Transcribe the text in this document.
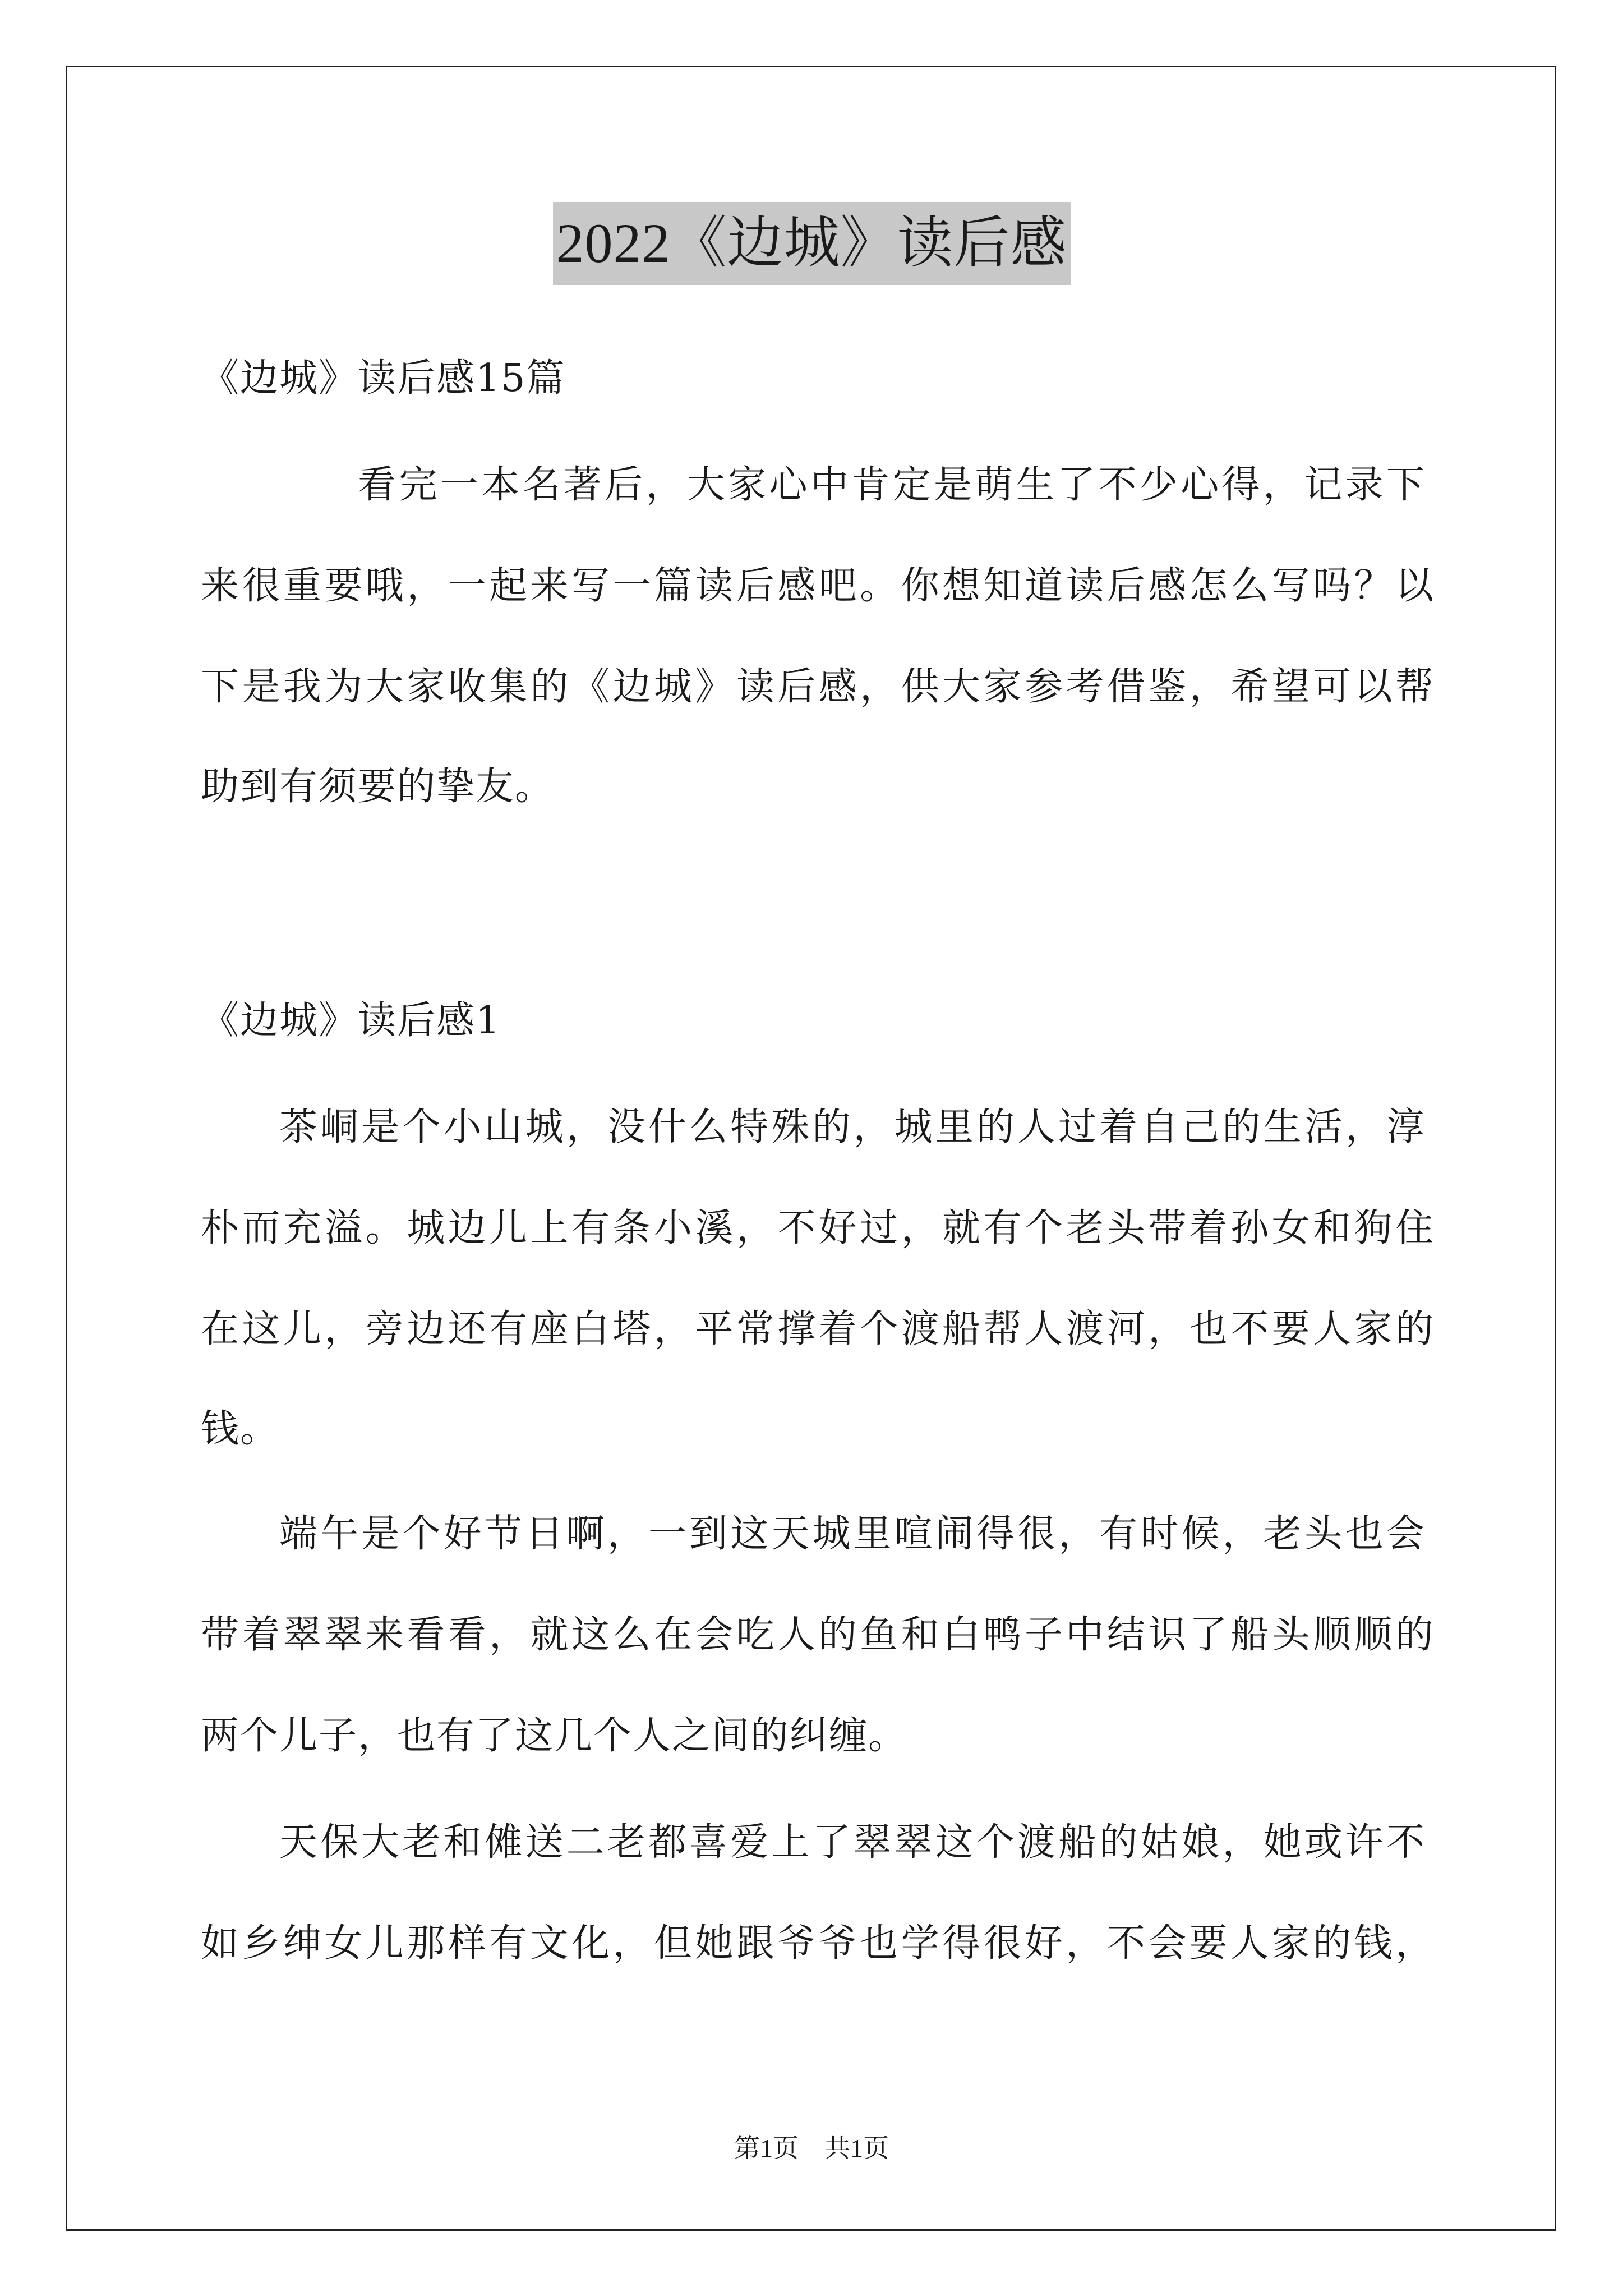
2022《边城》读后感
《边城》读后感15篇
看完一本名著后，大家心中肯定是萌生了不少心得，记录下
来很重要哦，一起来写一篇读后感吧。你想知道读后感怎么写吗？以
下是我为大家收集的《边城》读后感，供大家参考借鉴，希望可以帮
助到有须要的挚友。
《边城》读后感1
茶峒是个小山城，没什么特殊的，城里的人过着自己的生活，淳
朴而充溢。城边儿上有条小溪，不好过，就有个老头带着孙女和狗住
在这儿，旁边还有座白塔，平常撑着个渡船帮人渡河，也不要人家的
钱。
端午是个好节日啊，一到这天城里喧闹得很，有时候，老头也会
带着翠翠来看看，就这么在会吃人的鱼和白鸭子中结识了船头顺顺的
两个儿子，也有了这几个人之间的纠缠。
天保大老和傩送二老都喜爱上了翠翠这个渡船的姑娘，她或许不
如乡绅女儿那样有文化，但她跟爷爷也学得很好，不会要人家的钱，
第1页　共1页
